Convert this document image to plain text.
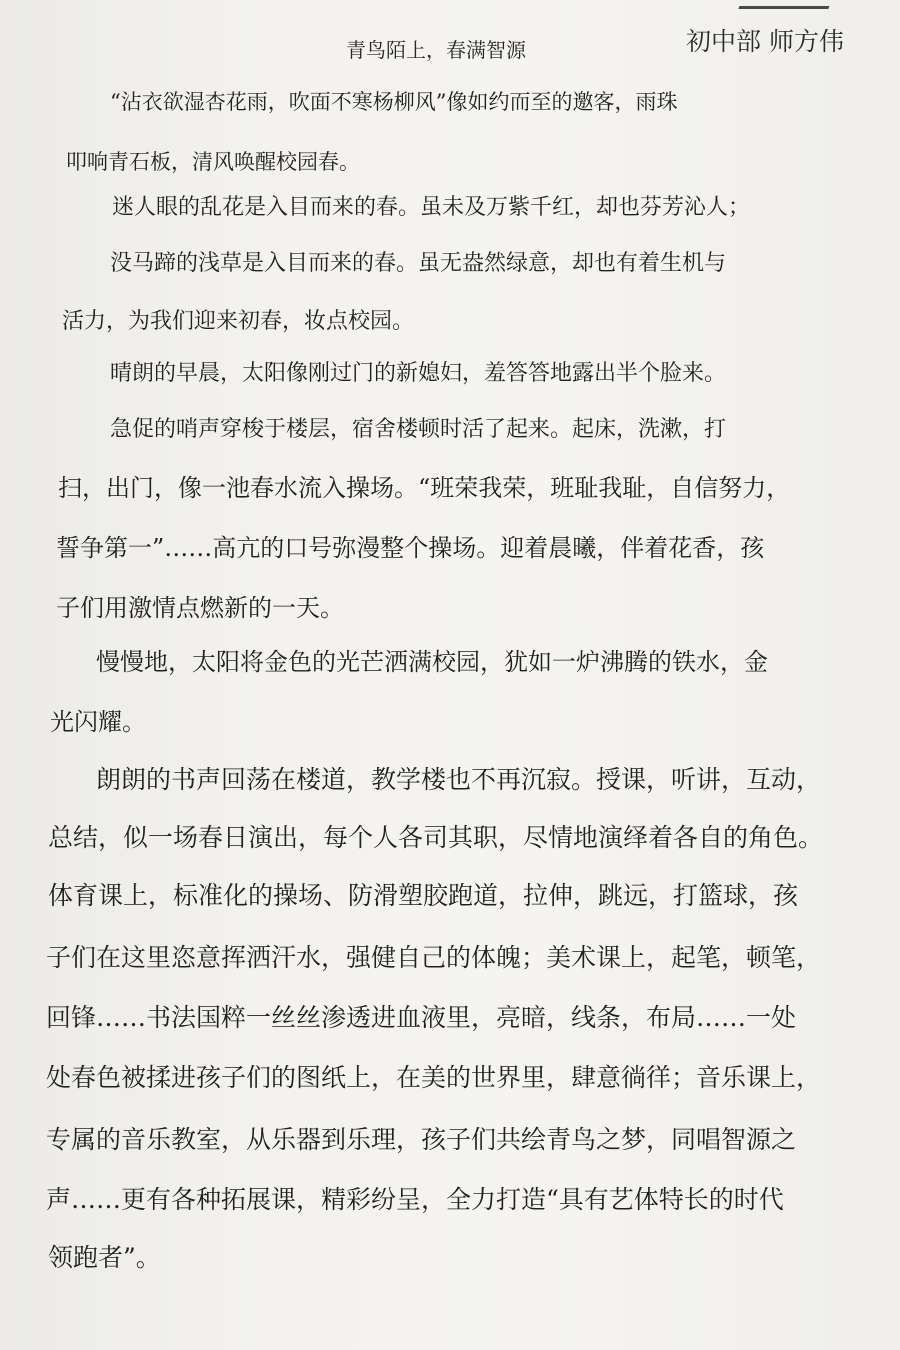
初中部 师方伟
青鸟陌上，春满智源
“沾衣欲湿杏花雨，吹面不寒杨柳风”像如约而至的邀客，雨珠
叩响青石板，清风唤醒校园春。
迷人眼的乱花是入目而来的春。虽未及万紫千红，却也芬芳沁人；
没马蹄的浅草是入目而来的春。虽无盎然绿意，却也有着生机与
活力，为我们迎来初春，妆点校园。
晴朗的早晨，太阳像刚过门的新媳妇，羞答答地露出半个脸来。
急促的哨声穿梭于楼层，宿舍楼顿时活了起来。起床，洗漱，打
扫，出门，像一池春水流入操场。“班荣我荣，班耻我耻，自信努力，
誓争第一”……高亢的口号弥漫整个操场。迎着晨曦，伴着花香，孩
子们用激情点燃新的一天。
慢慢地，太阳将金色的光芒洒满校园，犹如一炉沸腾的铁水，金
光闪耀。
朗朗的书声回荡在楼道，教学楼也不再沉寂。授课，听讲，互动，
总结，似一场春日演出，每个人各司其职，尽情地演绎着各自的角色。
体育课上，标准化的操场、防滑塑胶跑道，拉伸，跳远，打篮球，孩
子们在这里恣意挥洒汗水，强健自己的体魄；美术课上，起笔，顿笔，
回锋……书法国粹一丝丝渗透进血液里，亮暗，线条，布局……一处
处春色被揉进孩子们的图纸上，在美的世界里，肆意徜徉；音乐课上，
专属的音乐教室，从乐器到乐理，孩子们共绘青鸟之梦，同唱智源之
声……更有各种拓展课，精彩纷呈，全力打造“具有艺体特长的时代
领跑者”。
